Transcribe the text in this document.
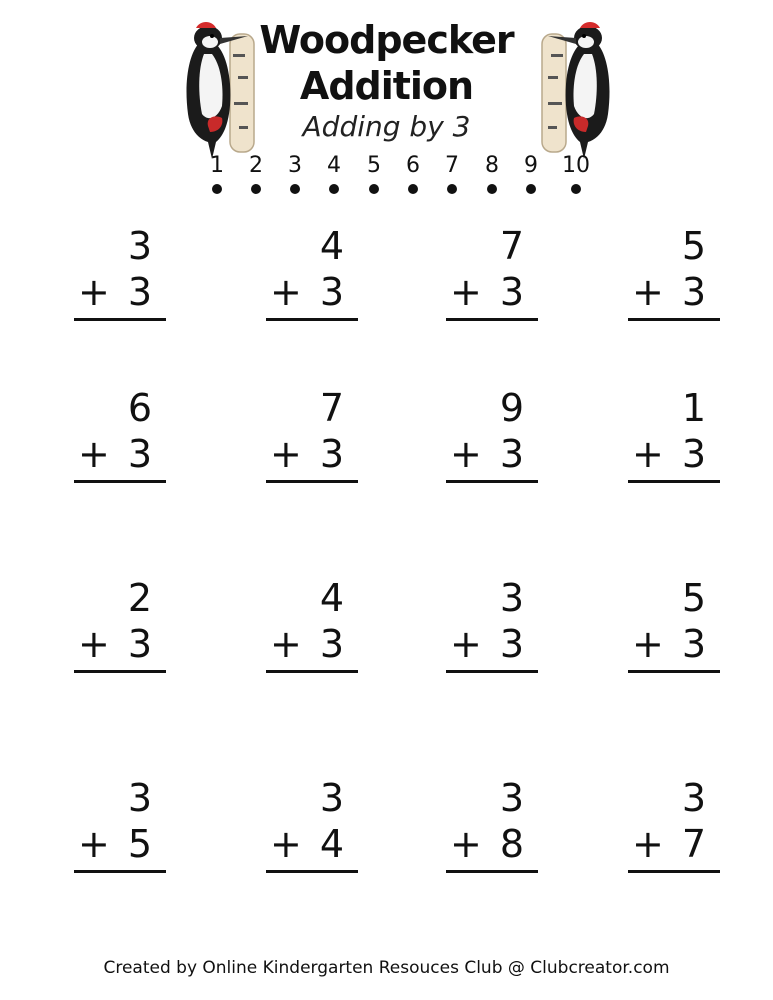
Woodpecker
Addition
Adding by 3
1	2	3	4	5	6	7	8	9	10
3
+ 3
4
+ 3
7
+ 3
5
+ 3
6
+ 3
7
+ 3
9
+ 3
1
+ 3
2
+ 3
4
+ 3
3
+ 3
5
+ 3
3
+ 5
3
+ 4
3
+ 8
3
+ 7
Created by Online Kindergarten Resouces Club @ Clubcreator.com
